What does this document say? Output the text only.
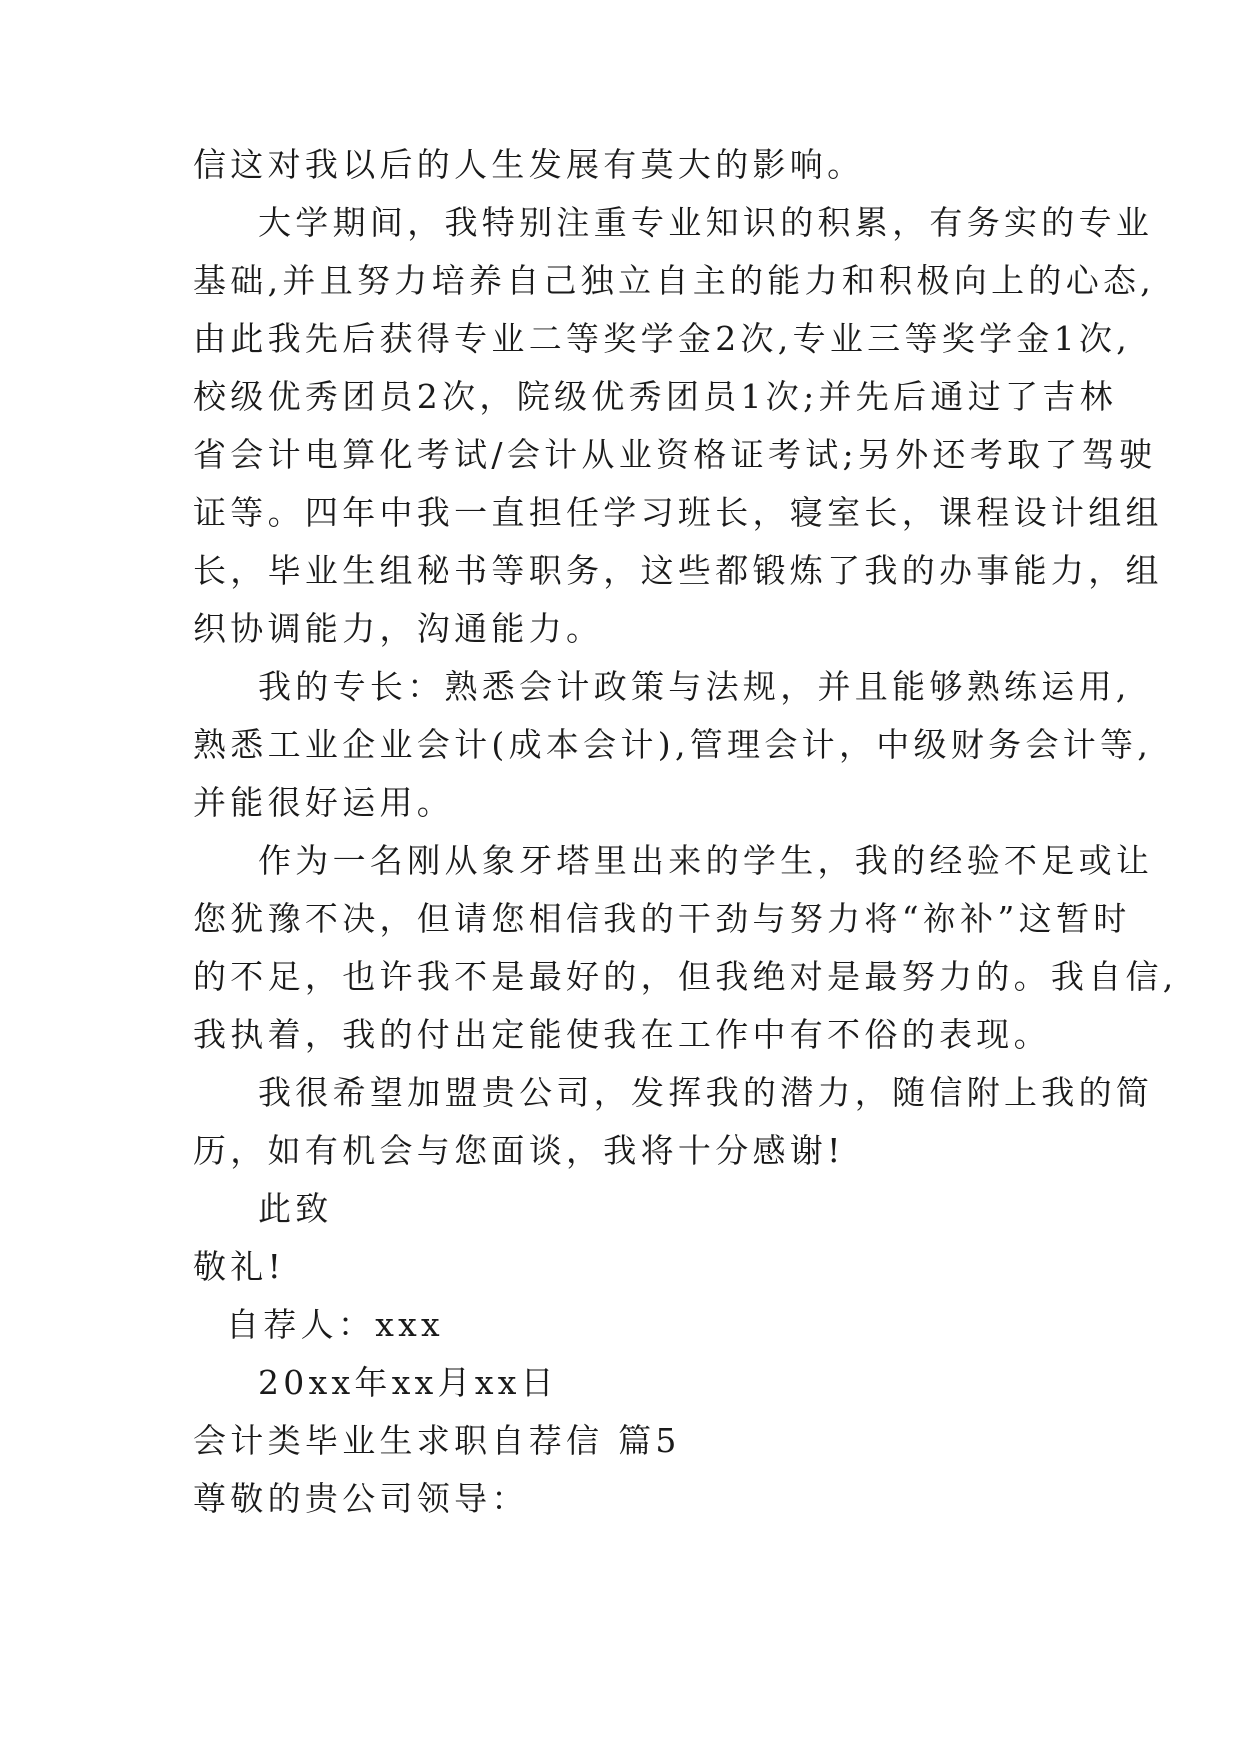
信这对我以后的人生发展有莫大的影响。

大学期间，我特别注重专业知识的积累，有务实的专业

基础,并且努力培养自己独立自主的能力和积极向上的心态,

由此我先后获得专业二等奖学金2次,专业三等奖学金1次,

校级优秀团员2次，院级优秀团员1次;并先后通过了吉林

省会计电算化考试/会计从业资格证考试;另外还考取了驾驶

证等。四年中我一直担任学习班长，寝室长，课程设计组组

长，毕业生组秘书等职务，这些都锻炼了我的办事能力，组

织协调能力，沟通能力。

我的专长：熟悉会计政策与法规，并且能够熟练运用,

熟悉工业企业会计(成本会计),管理会计，中级财务会计等,

并能很好运用。

作为一名刚从象牙塔里出来的学生，我的经验不足或让

您犹豫不决，但请您相信我的干劲与努力将“祢补”这暂时

的不足，也许我不是最好的，但我绝对是最努力的。我自信,

我执着，我的付出定能使我在工作中有不俗的表现。

我很希望加盟贵公司，发挥我的潜力，随信附上我的简

历，如有机会与您面谈，我将十分感谢!

此致

敬礼!

自荐人：xxx

20xx年xx月xx日

会计类毕业生求职自荐信 篇5

尊敬的贵公司领导：
